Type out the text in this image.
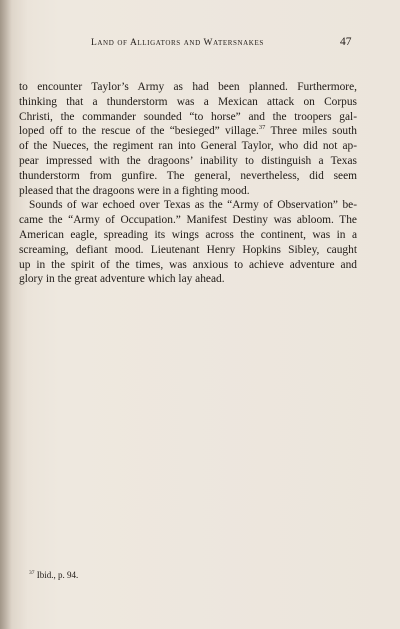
Land of Alligators and Watersnakes	47
to encounter Taylor’s Army as had been planned. Furthermore,
thinking that a thunderstorm was a Mexican attack on Corpus
Christi, the commander sounded “to horse” and the troopers gal-
loped off to the rescue of the “besieged” village.$^{37}$ Three miles south
of the Nueces, the regiment ran into General Taylor, who did not ap-
pear impressed with the dragoons’ inability to distinguish a Texas
thunderstorm from gunfire. The general, nevertheless, did seem
pleased that the dragoons were in a fighting mood.
Sounds of war echoed over Texas as the “Army of Observation” be-
came the “Army of Occupation.” Manifest Destiny was abloom. The
American eagle, spreading its wings across the continent, was in a
screaming, defiant mood. Lieutenant Henry Hopkins Sibley, caught
up in the spirit of the times, was anxious to achieve adventure and
glory in the great adventure which lay ahead.
$^{37}$ Ibid., p. 94.
